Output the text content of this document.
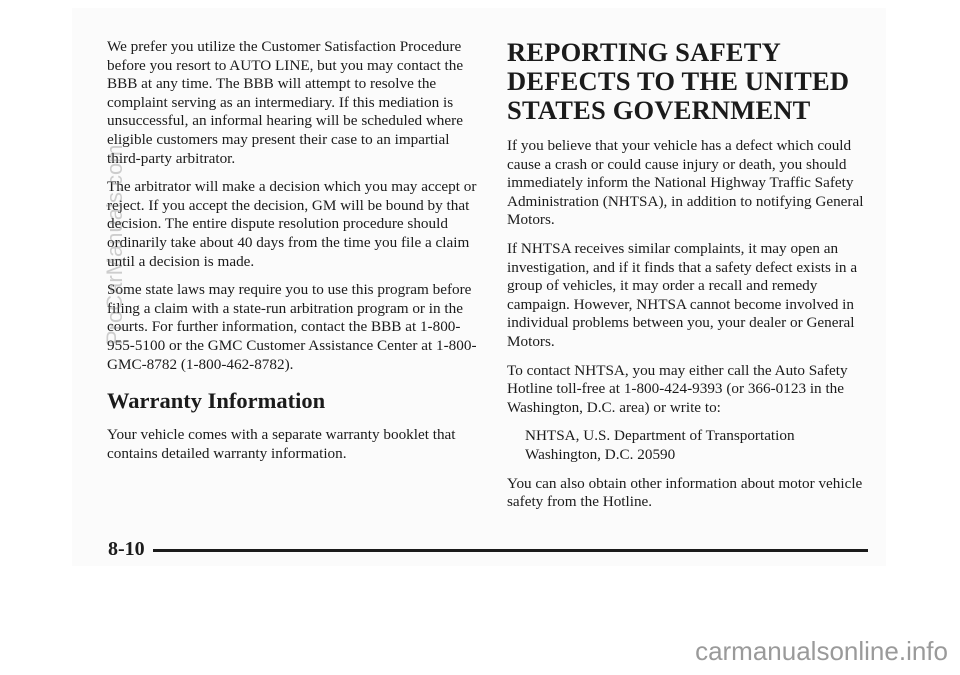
We prefer you utilize the Customer Satisfaction Procedure before you resort to AUTO LINE, but you may contact the BBB at any time. The BBB will attempt to resolve the complaint serving as an intermediary. If this mediation is unsuccessful, an informal hearing will be scheduled where eligible customers may present their case to an impartial third-party arbitrator.

The arbitrator will make a decision which you may accept or reject. If you accept the decision, GM will be bound by that decision. The entire dispute resolution procedure should ordinarily take about 40 days from the time you file a claim until a decision is made.

Some state laws may require you to use this program before filing a claim with a state-run arbitration program or in the courts. For further information, contact the BBB at 1-800-955-5100 or the GMC Customer Assistance Center at 1-800-GMC-8782 (1-800-462-8782).

Warranty Information

Your vehicle comes with a separate warranty booklet that contains detailed warranty information.

REPORTING SAFETY DEFECTS TO THE UNITED STATES GOVERNMENT

If you believe that your vehicle has a defect which could cause a crash or could cause injury or death, you should immediately inform the National Highway Traffic Safety Administration (NHTSA), in addition to notifying General Motors.

If NHTSA receives similar complaints, it may open an investigation, and if it finds that a safety defect exists in a group of vehicles, it may order a recall and remedy campaign. However, NHTSA cannot become involved in individual problems between you, your dealer or General Motors.

To contact NHTSA, you may either call the Auto Safety Hotline toll-free at 1-800-424-9393 (or 366-0123 in the Washington, D.C. area) or write to:

NHTSA, U.S. Department of Transportation

Washington, D.C. 20590

You can also obtain other information about motor vehicle safety from the Hotline.

8-10
ProCarManuals.com
carmanualsonline.info
